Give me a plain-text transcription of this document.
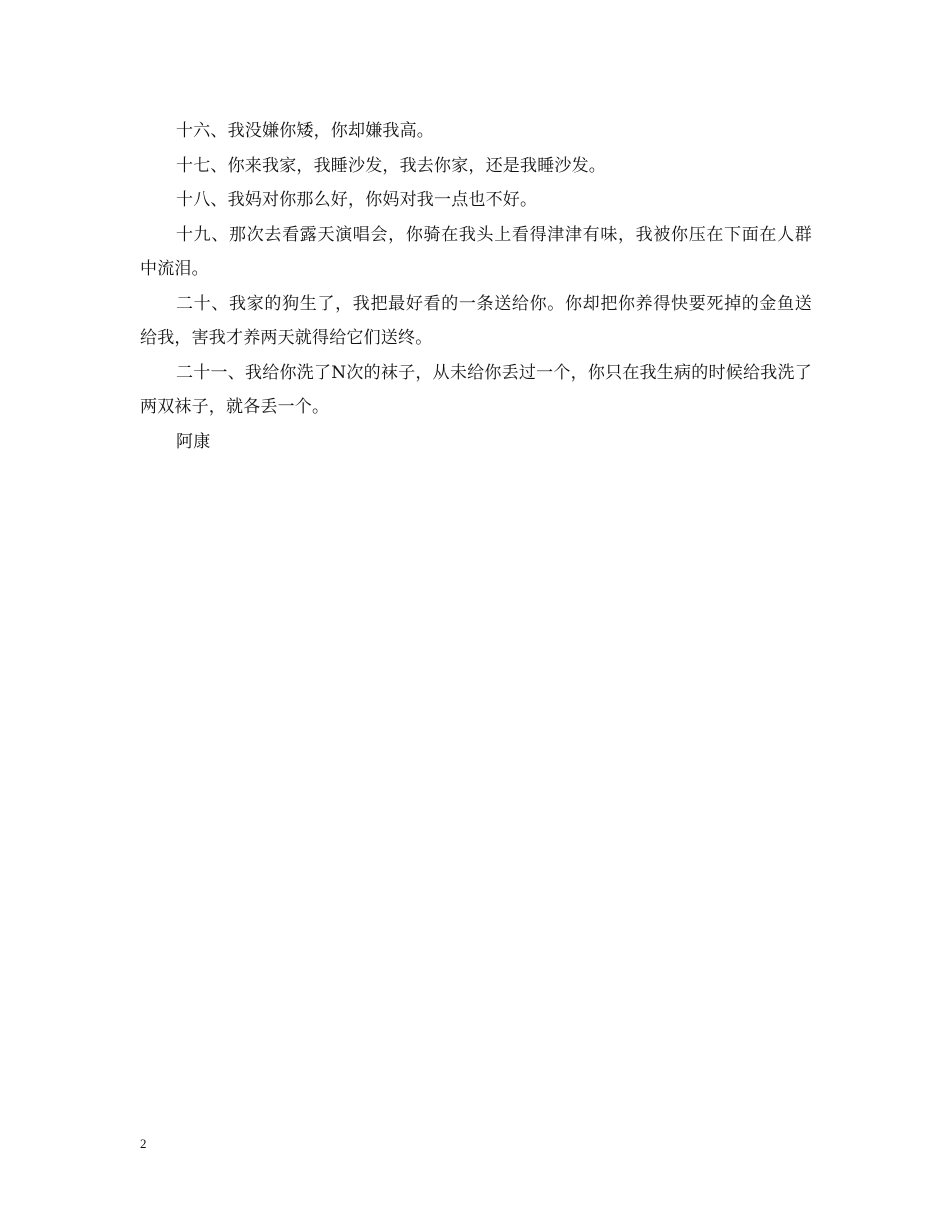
十六、我没嫌你矮，你却嫌我高。

十七、你来我家，我睡沙发，我去你家，还是我睡沙发。

十八、我妈对你那么好，你妈对我一点也不好。

十九、那次去看露天演唱会，你骑在我头上看得津津有味，我被你压在下面在人群中流泪。

二十、我家的狗生了，我把最好看的一条送给你。你却把你养得快要死掉的金鱼送给我，害我才养两天就得给它们送终。

二十一、我给你洗了N次的袜子，从未给你丢过一个，你只在我生病的时候给我洗了两双袜子，就各丢一个。

阿康

2
